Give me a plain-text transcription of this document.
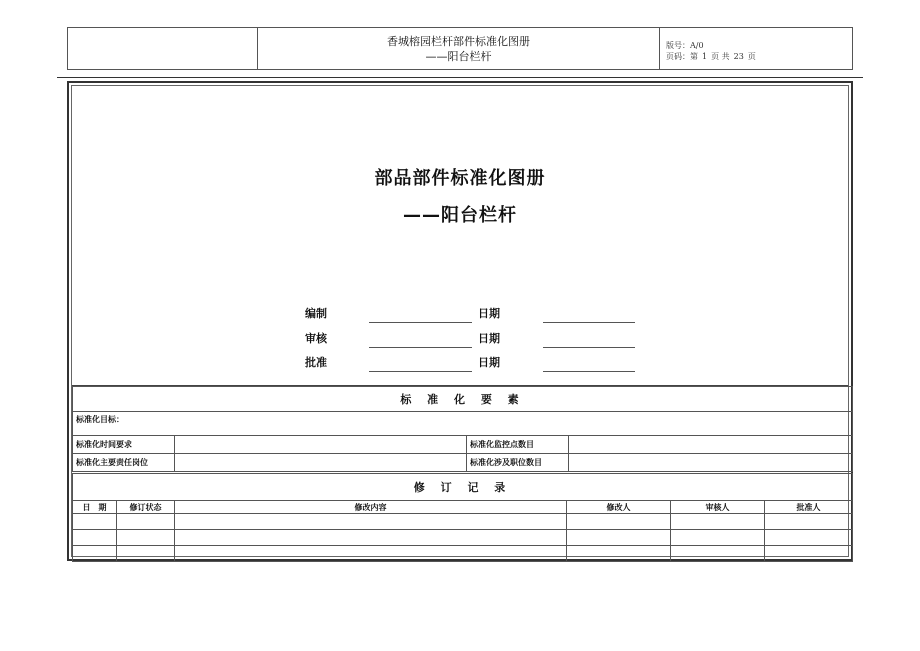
香城榕园栏杆部件标准化图册
——阳台栏杆
版号：A/0
页码：第 1 页 共 23 页
部品部件标准化图册
——阳台栏杆
编制	日期
审核	日期
批准	日期
标 准 化 要 素			
标准化目标：			
标准化时间要求		标准化监控点数目	
标准化主要责任岗位		标准化涉及职位数目	
修 订 记 录					
日　期	修订状态	修改内容	修改人	审核人	批准人
